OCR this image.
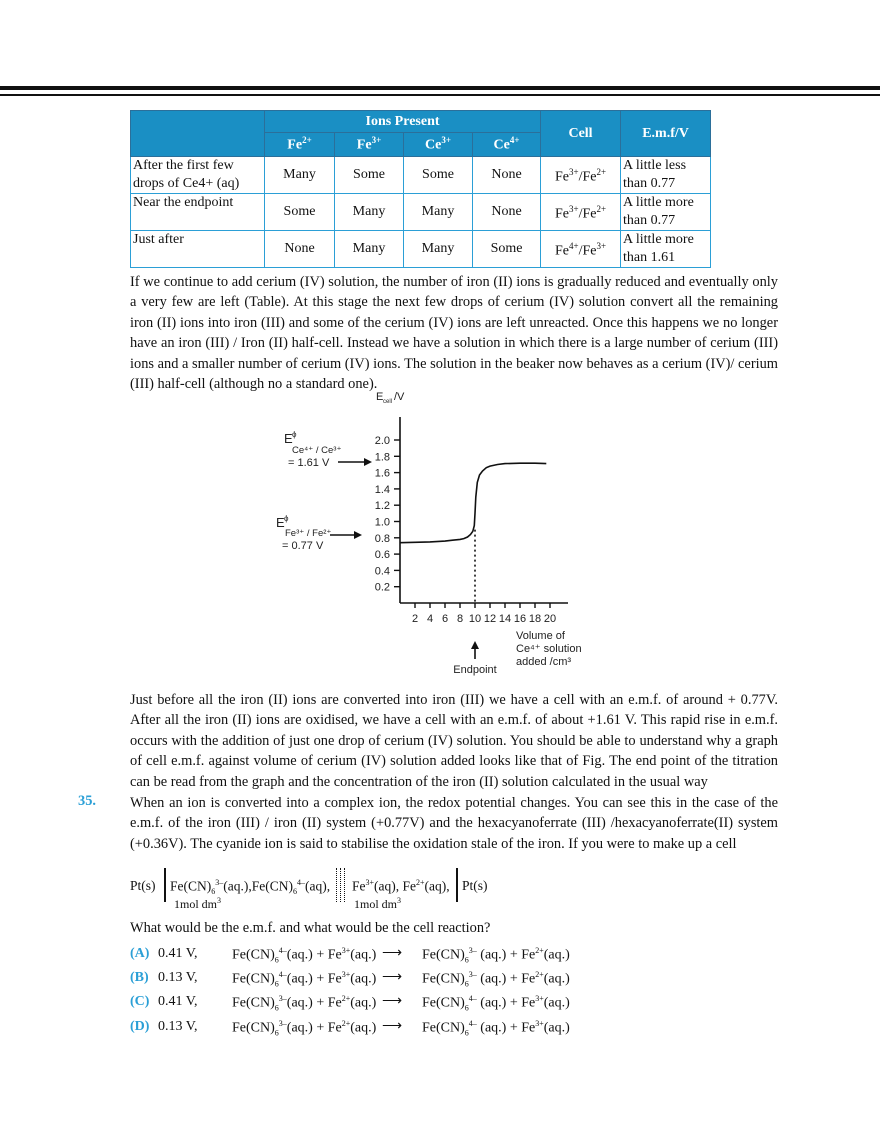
	Ions Present				Cell	E.m.f/V
	$Fe^{2+}$	$Fe^{3+}$	$Ce^{3+}$	$Ce^{4+}$
After the first few drops of Ce4+ (aq)	Many	Some	Some	None	$Fe^{3+}/Fe^{2+}$	A little less than 0.77
Near the endpoint	Some	Many	Many	None	$Fe^{3+}/Fe^{2+}$	A little more than 0.77
Just after	None	Many	Many	Some	$Fe^{4+}/Fe^{3+}$	A little more than 1.61

If we continue to add cerium (IV) solution, the number of iron (II) ions is gradually reduced and eventually only a very few are left (Table). At this stage the next few drops of cerium (IV) solution convert all the remaining iron (II) ions into iron (III) and some of the cerium (IV) ions are left unreacted. Once this happens we no longer have an iron (III) / Iron (II) half-cell. Instead we have a solution in which there is a large number of cerium (III) ions and a smaller number of cerium (IV) ions. The solution in the beaker now behaves as a cerium (IV)/ cerium (III) half-cell (although no a standard one).

E cell /V
0.2
0.4
0.6
0.8
1.0
1.2
1.4
1.6
1.8
2.0
2 4 6 8 10 12 14 16 18 20
E ϕ
Ce⁴⁺ / Ce³⁺
= 1.61 V
E ϕ
Fe³⁺ / Fe²⁺
= 0.77 V
Endpoint
Volume of
Ce⁴⁺ solution
added /cm³

Just before all the iron (II) ions are converted into iron (III) we have a cell with an e.m.f. of around + 0.77V. After all the iron (II) ions are oxidised, we have a cell with an e.m.f. of about +1.61 V. This rapid rise in e.m.f. occurs with the addition of just one drop of cerium (IV) solution. You should be able to understand why a graph of cell e.m.f. against volume of cerium (IV) solution added looks like that of Fig. The end point of the titration can be read from the graph and the concentration of the iron (II) solution calculated in the usual way

35. When an ion is converted into a complex ion, the redox potential changes. You can see this in the case of the e.m.f. of the iron (III) / iron (II) system (+0.77V) and the hexacyanoferrate (III) /hexacyanoferrate(II) system (+0.36V). The cyanide ion is said to stabilise the oxidation stale of the iron. If you were to make up a cell

Pt(s) $Fe(CN)_6^{3-}(aq.),Fe(CN)_6^{4-}(aq)$,
1mol $dm^3$
$Fe^{3+}(aq)$, $Fe^{2+}(aq)$,
1mol $dm^3$
Pt(s)
What would be the e.m.f. and what would be the cell reaction?
(A) 0.41 V, $Fe(CN)_6^{4-}(aq.) + Fe^{3+}(aq.)$ ⟶ $Fe(CN)_6^{3-}$ $(aq.) + Fe^{2+}(aq.)$
(B) 0.13 V, $Fe(CN)_6^{4-}(aq.) + Fe^{3+}(aq.)$ ⟶ $Fe(CN)_6^{3-}$ $(aq.) + Fe^{2+}(aq.)$
(C) 0.41 V, $Fe(CN)_6^{3-}(aq.) + Fe^{2+}(aq.)$ ⟶ $Fe(CN)_6^{4-}$ $(aq.) + Fe^{3+}(aq.)$
(D) 0.13 V, $Fe(CN)_6^{3-}(aq.) + Fe^{2+}(aq.)$ ⟶ $Fe(CN)_6^{4-}$ $(aq.) + Fe^{3+}(aq.)$
